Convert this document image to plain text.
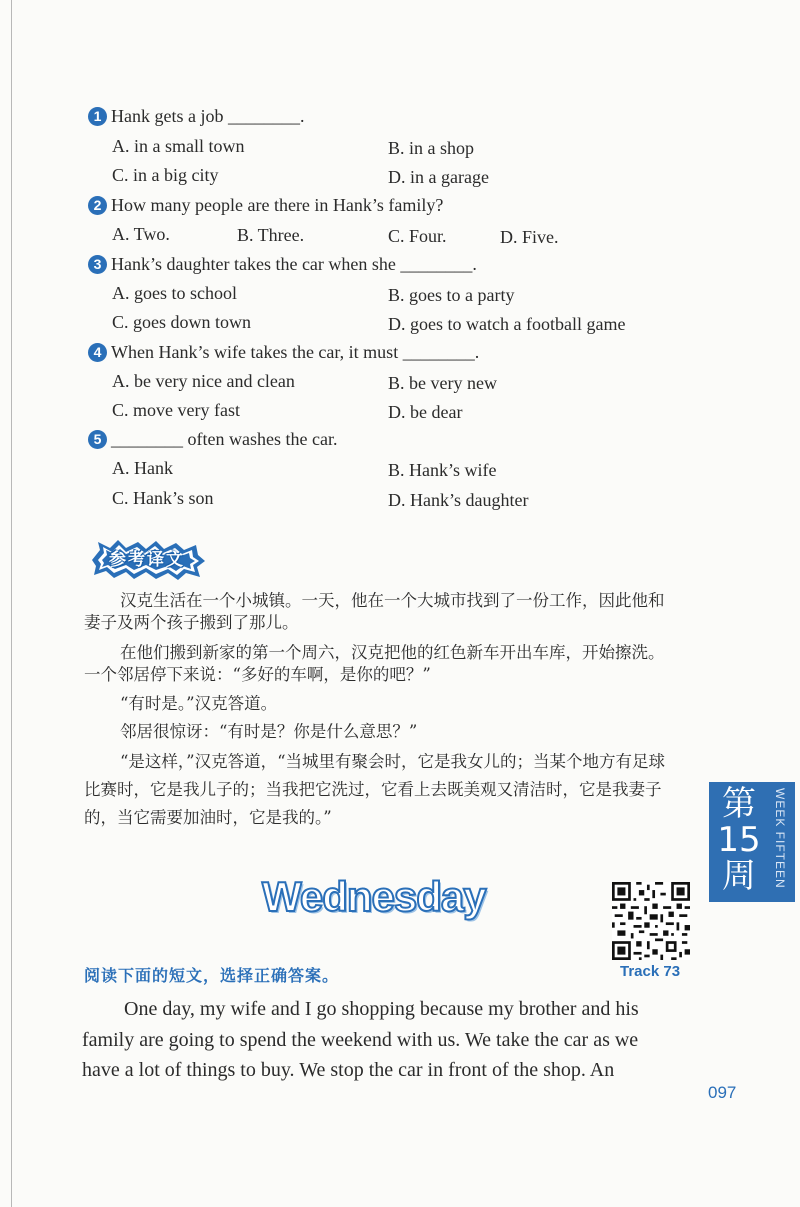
1 Hank gets a job ________.
A. in a small town	B. in a shop
C. in a big city	D. in a garage
2 How many people are there in Hank’s family?
A. Two.	B. Three.	C. Four.	D. Five.
3 Hank’s daughter takes the car when she ________.
A. goes to school	B. goes to a party
C. goes down town	D. goes to watch a football game
4 When Hank’s wife takes the car, it must ________.
A. be very nice and clean	B. be very new
C. move very fast	D. be dear
5 ________ often washes the car.
A. Hank	B. Hank’s wife
C. Hank’s son	D. Hank’s daughter
参考译文
汉克生活在一个小城镇。一天，他在一个大城市找到了一份工作，因此他和
妻子及两个孩子搬到了那儿。
在他们搬到新家的第一个周六，汉克把他的红色新车开出车库，开始擦洗。
一个邻居停下来说：“多好的车啊，是你的吧？”
“有时是。”汉克答道。
邻居很惊讶：“有时是？你是什么意思？”
“是这样，”汉克答道，“当城里有聚会时，它是我女儿的；当某个地方有足球
比赛时，它是我儿子的；当我把它洗过，它看上去既美观又清洁时，它是我妻子
的，当它需要加油时，它是我的。”	第15周	WEEK FIFTEEN
Wednesday
Track 73
阅读下面的短文，选择正确答案。
One day, my wife and I go shopping because my brother and his
family are going to spend the weekend with us. We take the car as we
have a lot of things to buy. We stop the car in front of the shop. An
097
